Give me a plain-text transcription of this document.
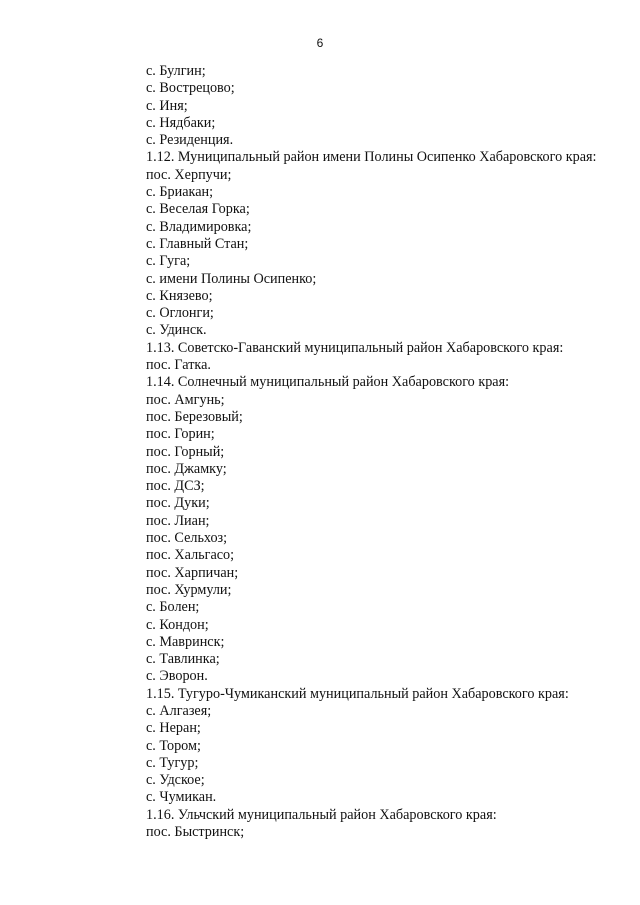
6
с. Булгин;
с. Вострецово;
с. Иня;
с. Нядбаки;
с. Резиденция.
1.12. Муниципальный район имени Полины Осипенко Хабаровского края:
пос. Херпучи;
с. Бриакан;
с. Веселая Горка;
с. Владимировка;
с. Главный Стан;
с. Гуга;
с. имени Полины Осипенко;
с. Князево;
с. Оглонги;
с. Удинск.
1.13. Советско-Гаванский муниципальный район Хабаровского края:
пос. Гатка.
1.14. Солнечный муниципальный район Хабаровского края:
пос. Амгунь;
пос. Березовый;
пос. Горин;
пос. Горный;
пос. Джамку;
пос. ДСЗ;
пос. Дуки;
пос. Лиан;
пос. Сельхоз;
пос. Хальгасо;
пос. Харпичан;
пос. Хурмули;
с. Болен;
с. Кондон;
с. Мавринск;
с. Тавлинка;
с. Эворон.
1.15. Тугуро-Чумиканский муниципальный район Хабаровского края:
с. Алгазея;
с. Неран;
с. Тором;
с. Тугур;
с. Удское;
с. Чумикан.
1.16. Ульчский муниципальный район Хабаровского края:
пос. Быстринск;
